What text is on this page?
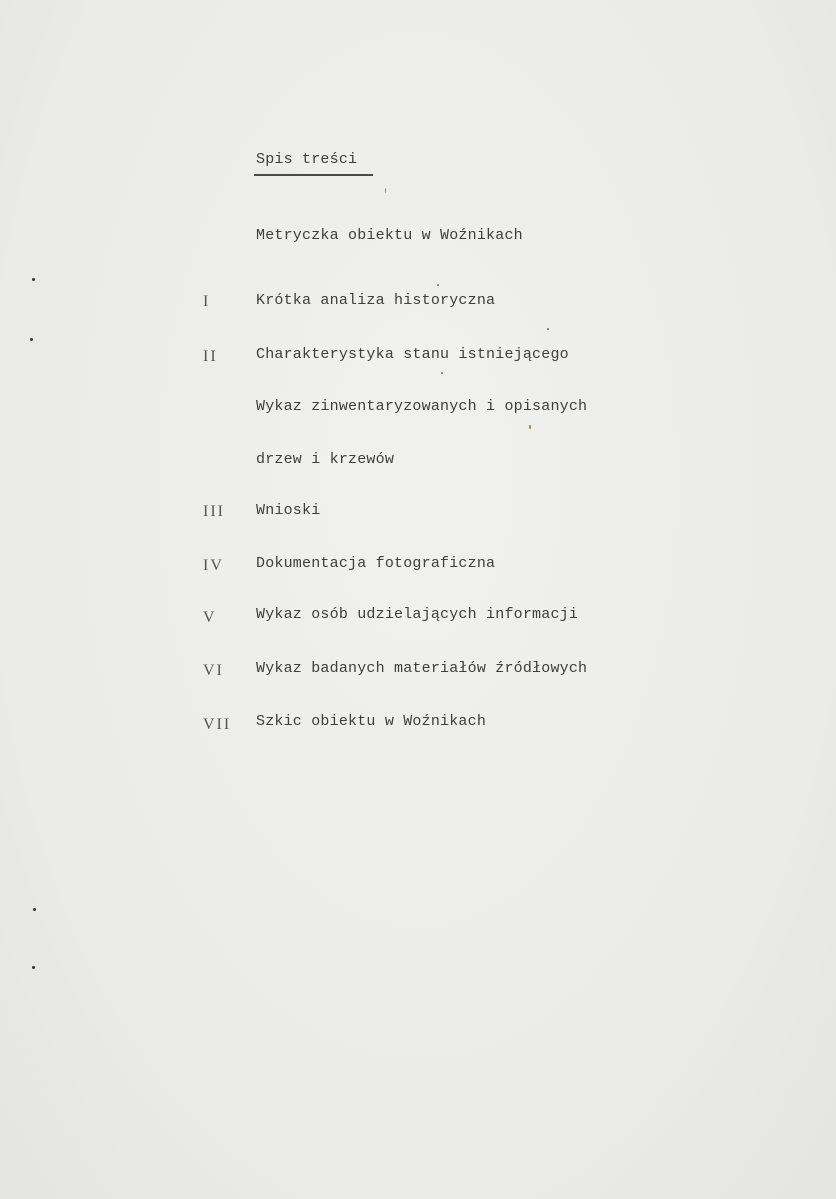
Spis treści
Metryczka obiektu w Woźnikach
I	Krótka analiza historyczna
II	Charakterystyka stanu istniejącego
Wykaz zinwentaryzowanych i opisanych
drzew i krzewów
III Wnioski
IV Dokumentacja fotograficzna
V	Wykaz osób udzielających informacji
VI Wykaz badanych materiałów źródłowych
VII Szkic obiektu w Woźnikach
